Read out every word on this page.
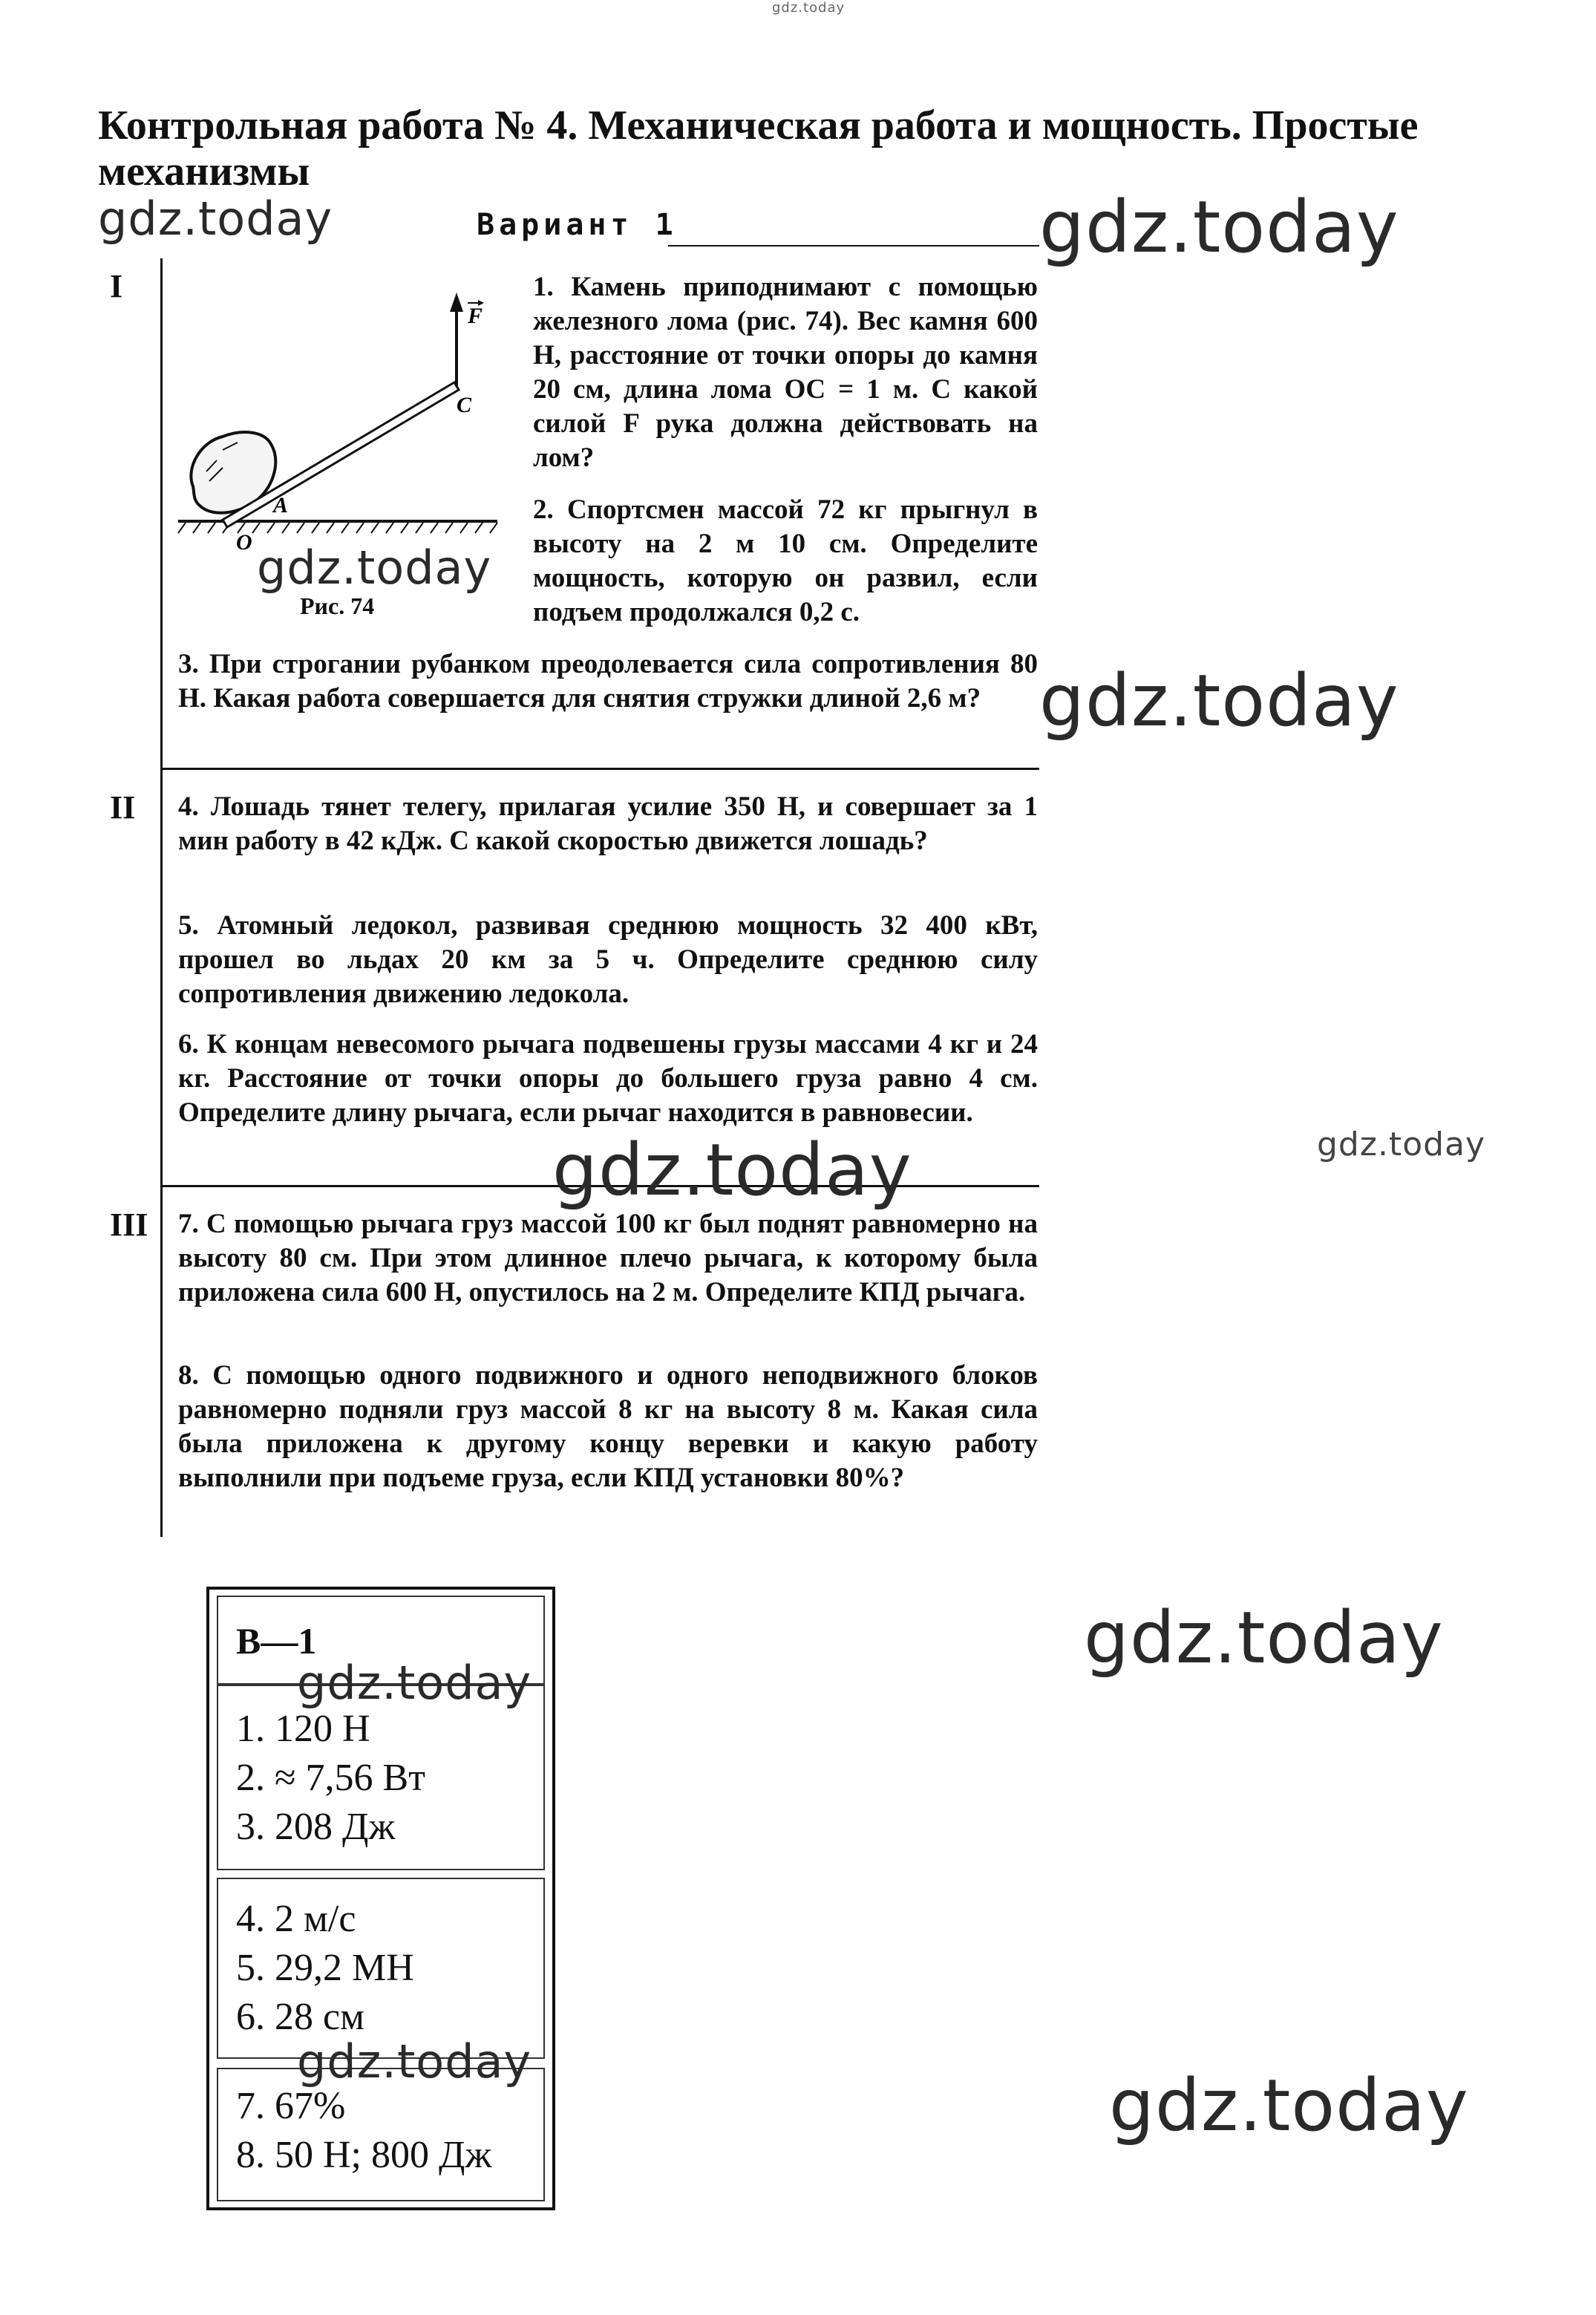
gdz.today
Контрольная работа № 4. Механическая работа и мощность. Простые механизмы
Вариант 1
I
II
III
F
C
A
O
Рис. 74
1. Камень приподнимают с помощью железного лома (рис. 74). Вес камня 600 Н, расстояние от точки опоры до камня 20 см, длина лома OC = 1 м. С какой силой F рука должна действовать на лом?
2. Спортсмен массой 72 кг прыгнул в высоту на 2 м 10 см. Определите мощность, которую он развил, если подъем продолжался 0,2 с.
3. При строгании рубанком преодолевается сила сопротивления 80 Н. Какая работа совершается для снятия стружки длиной 2,6 м?
4. Лошадь тянет телегу, прилагая усилие 350 Н, и совершает за 1 мин работу в 42 кДж. С какой скоростью движется лошадь?
5. Атомный ледокол, развивая среднюю мощность 32 400 кВт, прошел во льдах 20 км за 5 ч. Определите среднюю силу сопротивления движению ледокола.
6. К концам невесомого рычага подвешены грузы массами 4 кг и 24 кг. Расстояние от точки опоры до большего груза равно 4 см. Определите длину рычага, если рычаг находится в равновесии.
7. С помощью рычага груз массой 100 кг был поднят равномерно на высоту 80 см. При этом длинное плечо рычага, к которому была приложена сила 600 Н, опустилось на 2 м. Определите КПД рычага.
8. С помощью одного подвижного и одного неподвижного блоков равномерно подняли груз массой 8 кг на высоту 8 м. Какая сила была приложена к другому концу веревки и какую работу выполнили при подъеме груза, если КПД установки 80%?
В—1
1. 120 Н
2. ≈ 7,56 Вт
3. 208 Дж
4. 2 м/с
5. 29,2 МН
6. 28 см
7. 67%
8. 50 Н; 800 Дж
gdz.today	gdz.today
gdz.today
gdz.today
gdz.today
gdz.today
gdz.today
gdz.today
gdz.today
gdz.today
